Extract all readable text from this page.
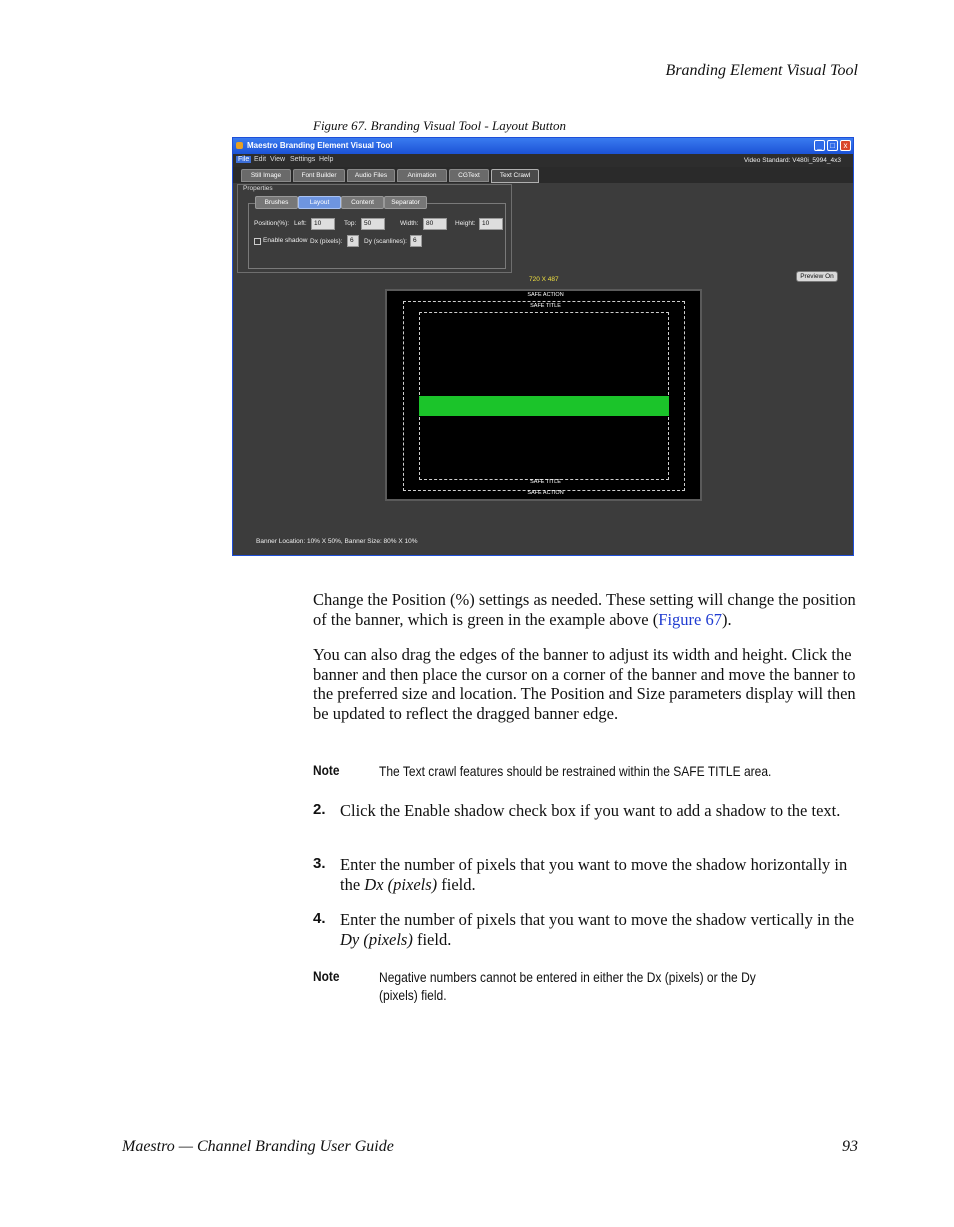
Branding Element Visual Tool
Figure 67. Branding Visual Tool - Layout Button
Maestro Branding Element Visual Tool	_	□	x
File Edit View Settings Help	Video Standard: V480i_5994_4x3
Still Image	Font Builder	Audio Files	Animation	CGText	Text Crawl
Properties
Brushes	Layout	Content	Separator
Position(%): Left:	10	Top:	50	Width:	80	Height: 10
Enable shadow Dx (pixels):	6	Dy (scanlines): 6
720 X 487	Preview On
SAFE ACTION
SAFE TITLE
SAFE TITLE
SAFE ACTION
Banner Location: 10% X 50%, Banner Size: 80% X 10%
Change the Position (%) settings as needed. These setting will change the position of the banner, which is green in the example above (Figure 67).
You can also drag the edges of the banner to adjust its width and height. Click the banner and then place the cursor on a corner of the banner and move the banner to the preferred size and location. The Position and Size parameters display will then be updated to reflect the dragged banner edge.
Note	The Text crawl features should be restrained within the SAFE TITLE area.
2. Click the Enable shadow check box if you want to add a shadow to the text.
3. Enter the number of pixels that you want to move the shadow horizontally in the Dx (pixels) field.
4. Enter the number of pixels that you want to move the shadow vertically in the Dy (pixels) field.
Note	Negative numbers cannot be entered in either the Dx (pixels) or the Dy
(pixels) field.
Maestro — Channel Branding User Guide	93
